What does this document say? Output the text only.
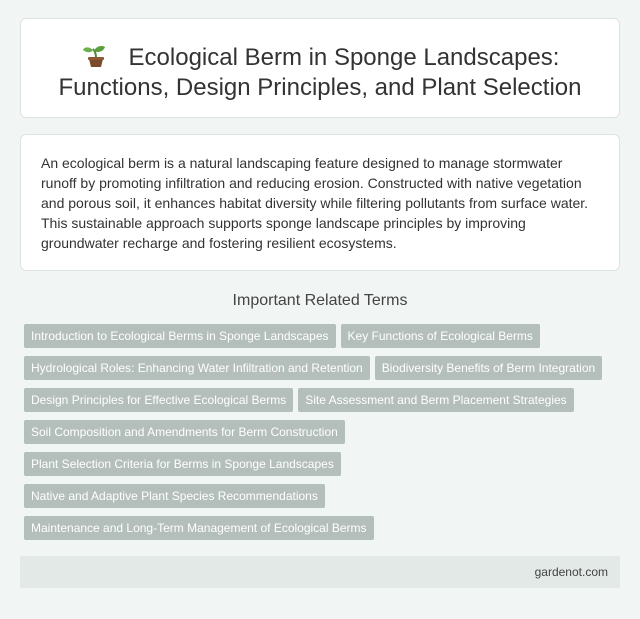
Ecological Berm in Sponge Landscapes:
Functions, Design Principles, and Plant Selection

An ecological berm is a natural landscaping feature designed to manage stormwater runoff by promoting infiltration and reducing erosion. Constructed with native vegetation and porous soil, it enhances habitat diversity while filtering pollutants from surface water. This sustainable approach supports sponge landscape principles by improving groundwater recharge and fostering resilient ecosystems.

Important Related Terms
Introduction to Ecological Berms in Sponge Landscapes Key Functions of Ecological Berms
Hydrological Roles: Enhancing Water Infiltration and Retention Biodiversity Benefits of Berm Integration
Design Principles for Effective Ecological Berms Site Assessment and Berm Placement Strategies
Soil Composition and Amendments for Berm Construction
Plant Selection Criteria for Berms in Sponge Landscapes
Native and Adaptive Plant Species Recommendations
Maintenance and Long-Term Management of Ecological Berms
gardenot.com
